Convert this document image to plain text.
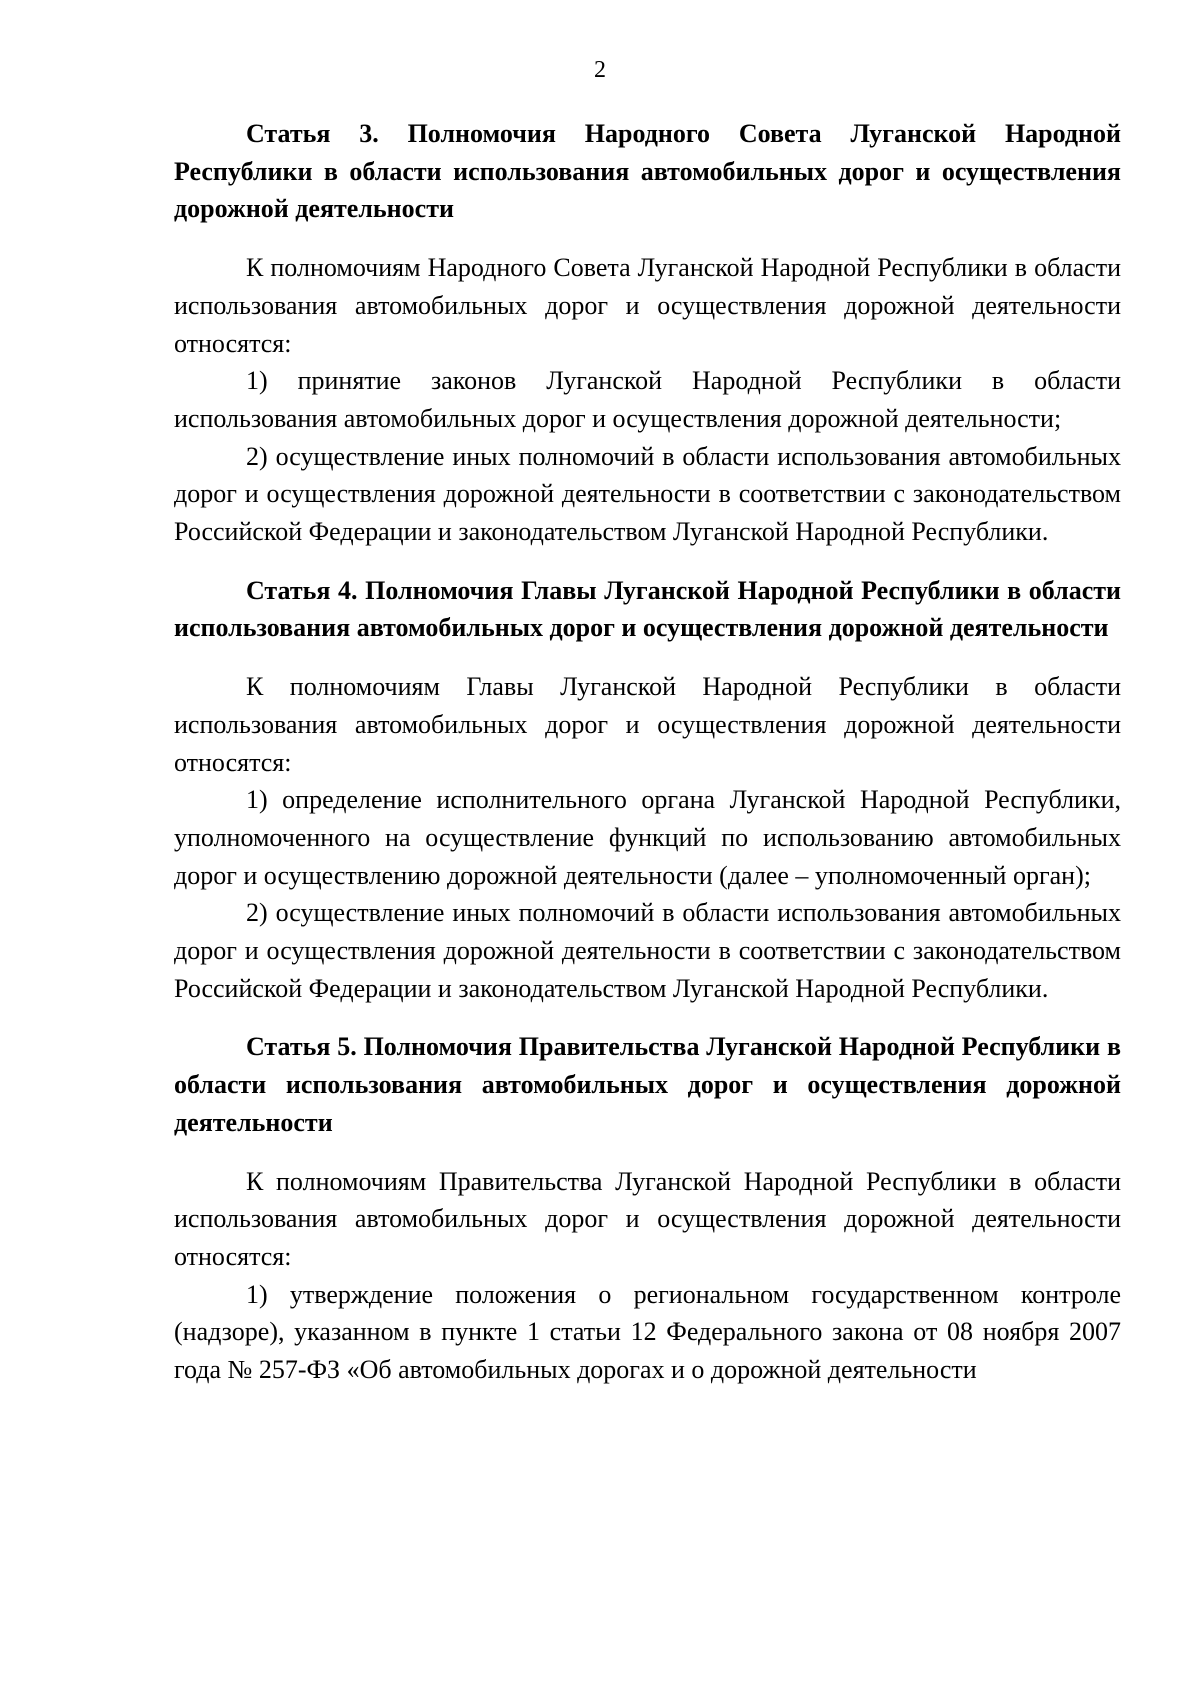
2

Статья 3. Полномочия Народного Совета Луганской Народной Республики в области использования автомобильных дорог и осуществления дорожной деятельности

К полномочиям Народного Совета Луганской Народной Республики в области использования автомобильных дорог и осуществления дорожной деятельности относятся:

1) принятие законов Луганской Народной Республики в области использования автомобильных дорог и осуществления дорожной деятельности;

2) осуществление иных полномочий в области использования автомобильных дорог и осуществления дорожной деятельности в соответствии с законодательством Российской Федерации и законодательством Луганской Народной Республики.

Статья 4. Полномочия Главы Луганской Народной Республики в области использования автомобильных дорог и осуществления дорожной деятельности

К полномочиям Главы Луганской Народной Республики в области использования автомобильных дорог и осуществления дорожной деятельности относятся:

1) определение исполнительного органа Луганской Народной Республики, уполномоченного на осуществление функций по использованию автомобильных дорог и осуществлению дорожной деятельности (далее – уполномоченный орган);

2) осуществление иных полномочий в области использования автомобильных дорог и осуществления дорожной деятельности в соответствии с законодательством Российской Федерации и законодательством Луганской Народной Республики.

Статья 5. Полномочия Правительства Луганской Народной Республики в области использования автомобильных дорог и осуществления дорожной деятельности

К полномочиям Правительства Луганской Народной Республики в области использования автомобильных дорог и осуществления дорожной деятельности относятся:

1) утверждение положения о региональном государственном контроле (надзоре), указанном в пункте 1 статьи 12 Федерального закона от 08 ноября 2007 года № 257-ФЗ «Об автомобильных дорогах и о дорожной деятельности
